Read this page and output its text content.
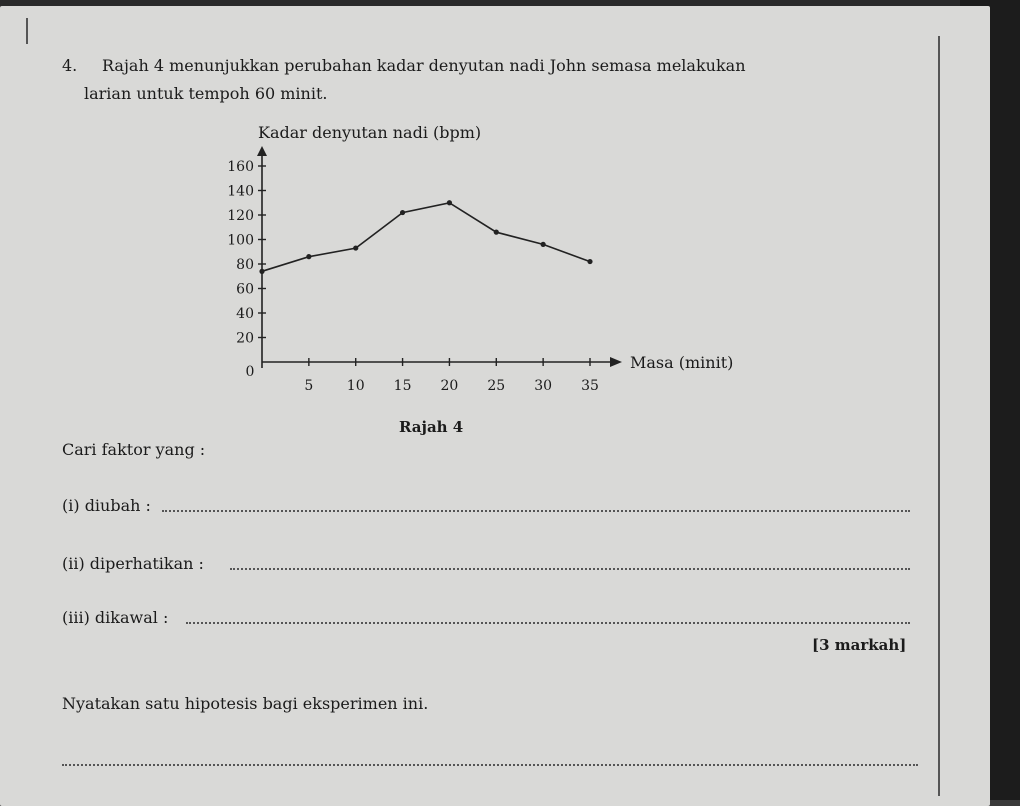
4. Rajah 4 menunjukkan perubahan kadar denyutan nadi John semasa melakukan
larian untuk tempoh 60 minit.
Kadar denyutan nadi (bpm)
Masa (minit)
20
40
60
80
100
120
140
160
0
5 10 15 20 25 30 35
Rajah 4
Cari faktor yang :
(i) diubah :
(ii) diperhatikan :
(iii) dikawal :
[3 markah]
Nyatakan satu hipotesis bagi eksperimen ini.
